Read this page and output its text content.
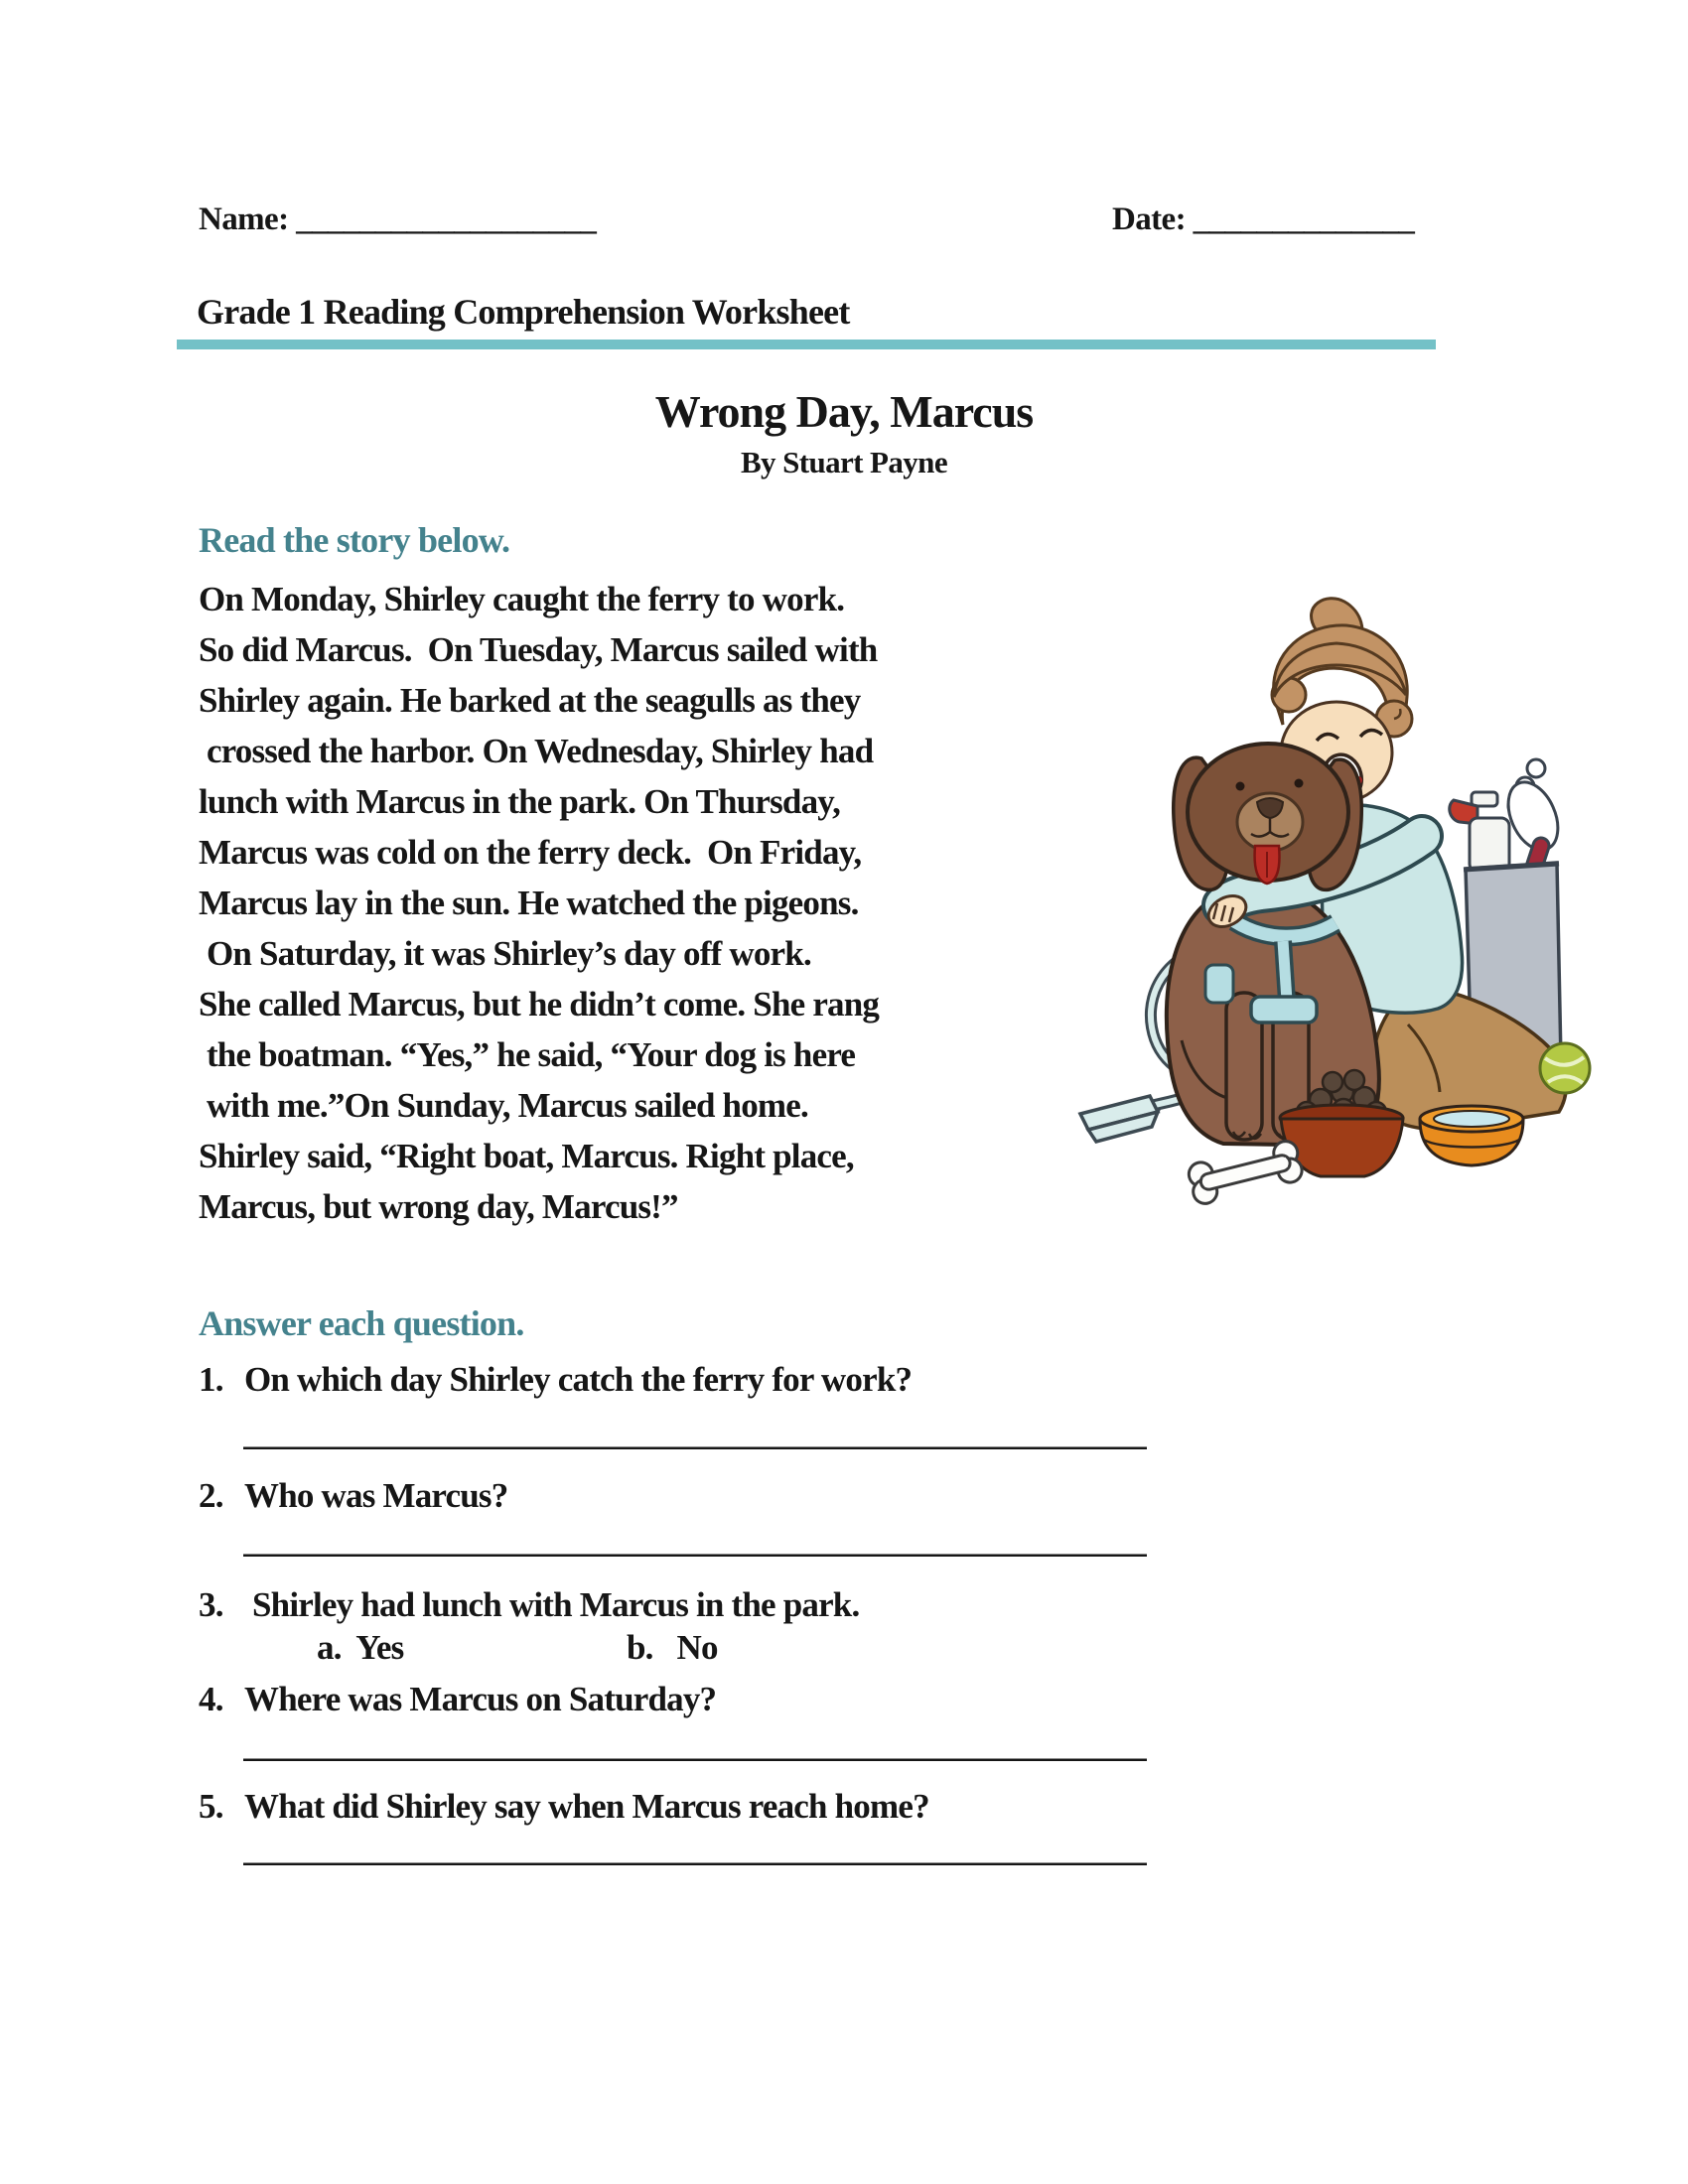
Name: ___________________	Date: ______________
Grade 1 Reading Comprehension Worksheet
Wrong Day, Marcus
By Stuart Payne
Read the story below.
On Monday, Shirley caught the ferry to work.
So did Marcus.  On Tuesday, Marcus sailed with
Shirley again. He barked at the seagulls as they
crossed the harbor. On Wednesday, Shirley had
lunch with Marcus in the park. On Thursday,
Marcus was cold on the ferry deck.  On Friday,
Marcus lay in the sun. He watched the pigeons.
On Saturday, it was Shirley’s day off work.
She called Marcus, but he didn’t come. She rang
the boatman. “Yes,” he said, “Your dog is here
with me.”On Sunday, Marcus sailed home.
Shirley said, “Right boat, Marcus. Right place,
Marcus, but wrong day, Marcus!”
Answer each question.
1. On which day Shirley catch the ferry for work?
____________________________________________________
2. Who was Marcus?
____________________________________________________
3. Shirley had lunch with Marcus in the park.
a. Yes	b. No
4. Where was Marcus on Saturday?
____________________________________________________
5. What did Shirley say when Marcus reach home?
____________________________________________________
